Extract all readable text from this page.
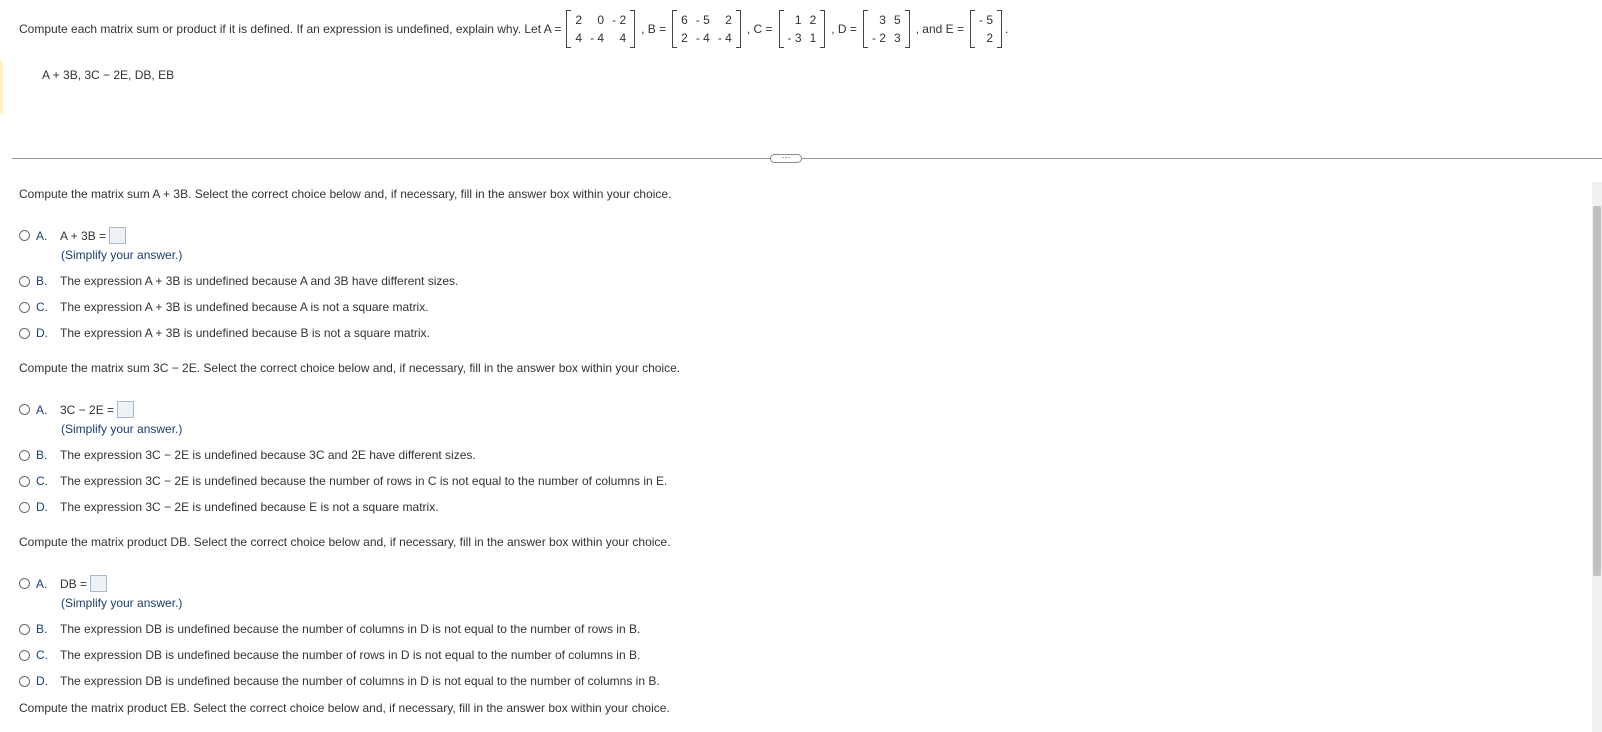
Compute each matrix sum or product if it is defined. If an expression is undefined, explain why. Let A =
2	0	- 2
4	- 4	4
, B =
6	- 5	2
2	- 4	- 4
, C =
1	2
- 3	1
, D =
3	5
- 2	3
, and E =
- 5
2
.
A + 3B, 3C − 2E, DB, EB
···
Compute the matrix sum A + 3B. Select the correct choice below and, if necessary, fill in the answer box within your choice.
A.	A + 3B =
(Simplify your answer.)
B.	The expression A + 3B is undefined because A and 3B have different sizes.
C.	The expression A + 3B is undefined because A is not a square matrix.
D.	The expression A + 3B is undefined because B is not a square matrix.
Compute the matrix sum 3C − 2E. Select the correct choice below and, if necessary, fill in the answer box within your choice.
A.	3C − 2E =
(Simplify your answer.)
B.	The expression 3C − 2E is undefined because 3C and 2E have different sizes.
C.	The expression 3C − 2E is undefined because the number of rows in C is not equal to the number of columns in E.
D.	The expression 3C − 2E is undefined because E is not a square matrix.
Compute the matrix product DB. Select the correct choice below and, if necessary, fill in the answer box within your choice.
A.	DB =
(Simplify your answer.)
B.	The expression DB is undefined because the number of columns in D is not equal to the number of rows in B.
C.	The expression DB is undefined because the number of rows in D is not equal to the number of columns in B.
D.	The expression DB is undefined because the number of columns in D is not equal to the number of columns in B.
Compute the matrix product EB. Select the correct choice below and, if necessary, fill in the answer box within your choice.
